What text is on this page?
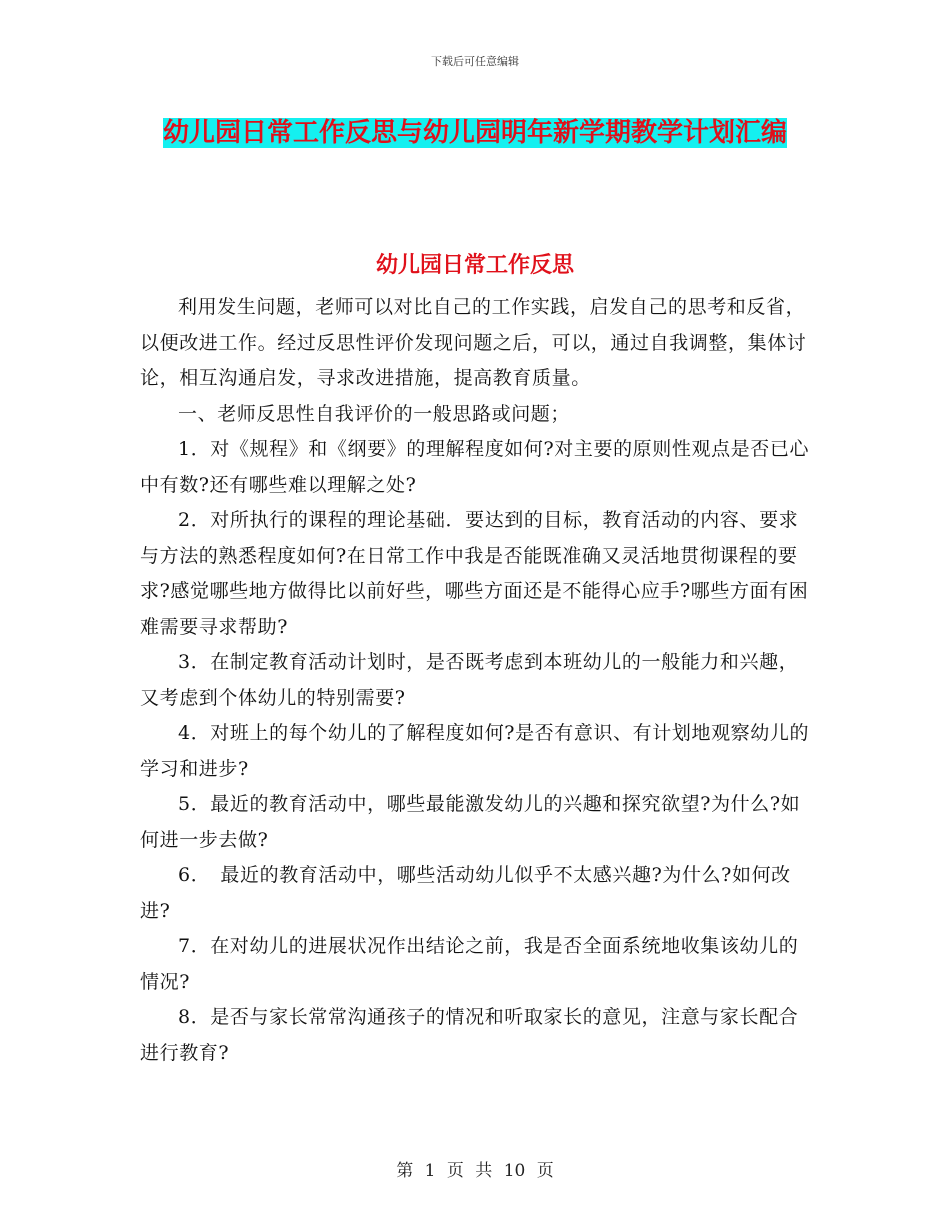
下载后可任意编辑
幼儿园日常工作反思与幼儿园明年新学期教学计划汇编
幼儿园日常工作反思

利用发生问题，老师可以对比自己的工作实践，启发自己的思考和反省，以便改进工作。经过反思性评价发现问题之后，可以，通过自我调整，集体讨论，相互沟通启发，寻求改进措施，提高教育质量。

一、老师反思性自我评价的一般思路或问题；

1．对《规程》和《纲要》的理解程度如何?对主要的原则性观点是否已心中有数?还有哪些难以理解之处?

2．对所执行的课程的理论基础．要达到的目标，教育活动的内容、要求与方法的熟悉程度如何?在日常工作中我是否能既准确又灵活地贯彻课程的要求?感觉哪些地方做得比以前好些，哪些方面还是不能得心应手?哪些方面有困难需要寻求帮助?

3．在制定教育活动计划时，是否既考虑到本班幼儿的一般能力和兴趣，又考虑到个体幼儿的特别需要?

4．对班上的每个幼儿的了解程度如何?是否有意识、有计划地观察幼儿的学习和进步?

5．最近的教育活动中，哪些最能激发幼儿的兴趣和探究欲望?为什么?如何进一步去做?

6．　最近的教育活动中，哪些活动幼儿似乎不太感兴趣?为什么?如何改进?

7．在对幼儿的进展状况作出结论之前，我是否全面系统地收集该幼儿的情况?

8．是否与家长常常沟通孩子的情况和听取家长的意见，注意与家长配合进行教育?

第 1 页 共 10 页
